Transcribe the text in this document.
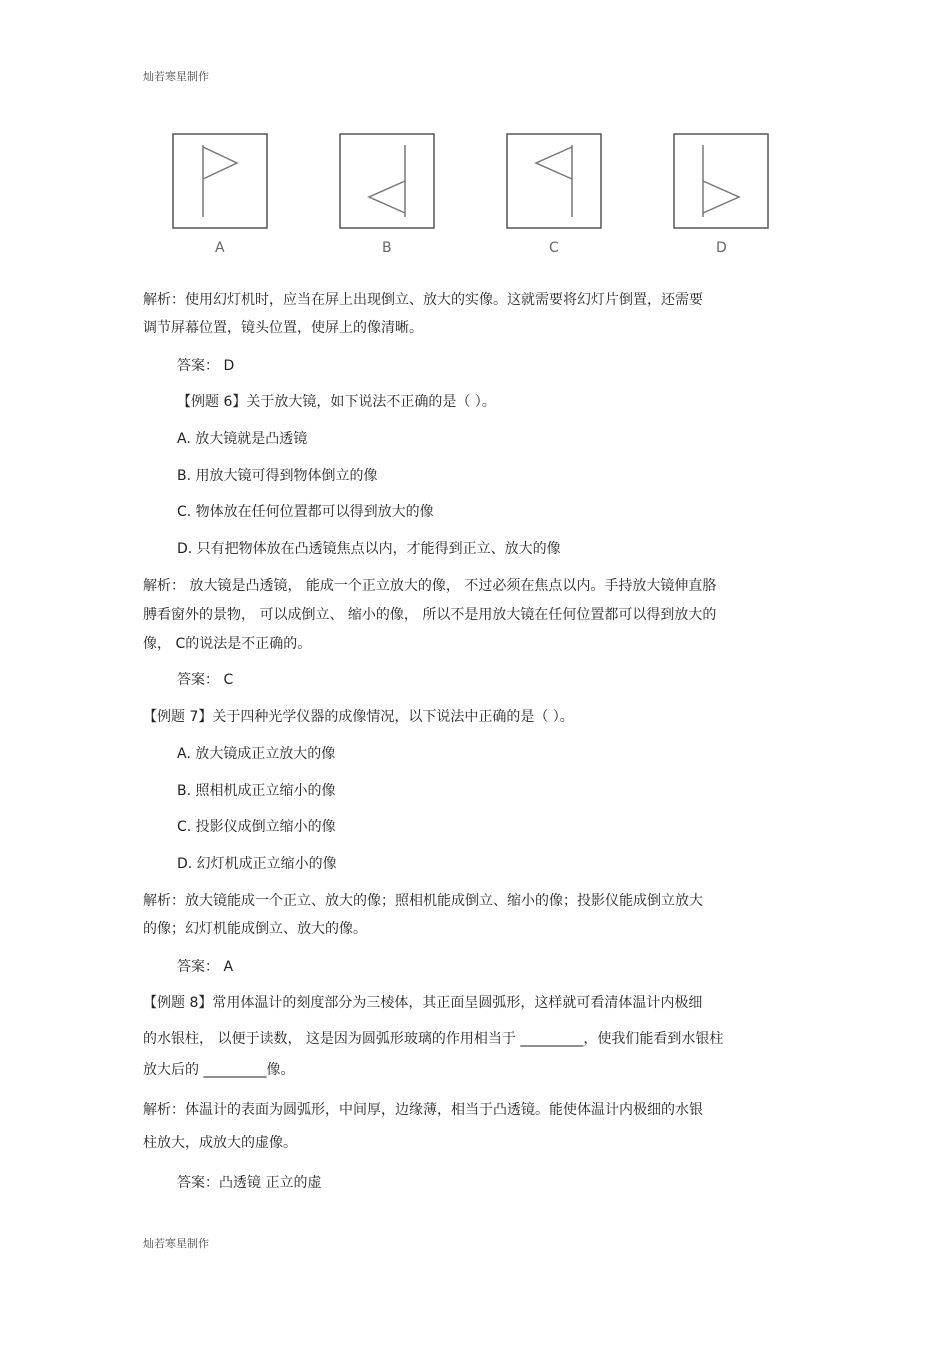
灿若寒星制作
A	B	C	D
解析：使用幻灯机时，应当在屏上出现倒立、放大的实像。这就需要将幻灯片倒置，还需要
调节屏幕位置，镜头位置，使屏上的像清晰。
答案： D
【例题 6】关于放大镜，如下说法不正确的是（ ）。
A. 放大镜就是凸透镜
B. 用放大镜可得到物体倒立的像
C. 物体放在任何位置都可以得到放大的像
D. 只有把物体放在凸透镜焦点以内，才能得到正立、放大的像
解析： 放大镜是凸透镜， 能成一个正立放大的像， 不过必须在焦点以内。手持放大镜伸直胳
膊看窗外的景物， 可以成倒立、 缩小的像， 所以不是用放大镜在任何位置都可以得到放大的
像， C的说法是不正确的。
答案： C
【例题 7】关于四种光学仪器的成像情况，以下说法中正确的是（ ）。
A. 放大镜成正立放大的像
B. 照相机成正立缩小的像
C. 投影仪成倒立缩小的像
D. 幻灯机成正立缩小的像
解析：放大镜能成一个正立、放大的像；照相机能成倒立、缩小的像；投影仪能成倒立放大
的像；幻灯机能成倒立、放大的像。
答案： A
【例题 8】常用体温计的刻度部分为三棱体，其正面呈圆弧形，这样就可看清体温计内极细
的水银柱， 以便于读数， 这是因为圆弧形玻璃的作用相当于 _________，使我们能看到水银柱
放大后的 _________像。
解析：体温计的表面为圆弧形，中间厚，边缘薄，相当于凸透镜。能使体温计内极细的水银
柱放大，成放大的虚像。
答案：凸透镜 正立的虚
灿若寒星制作
